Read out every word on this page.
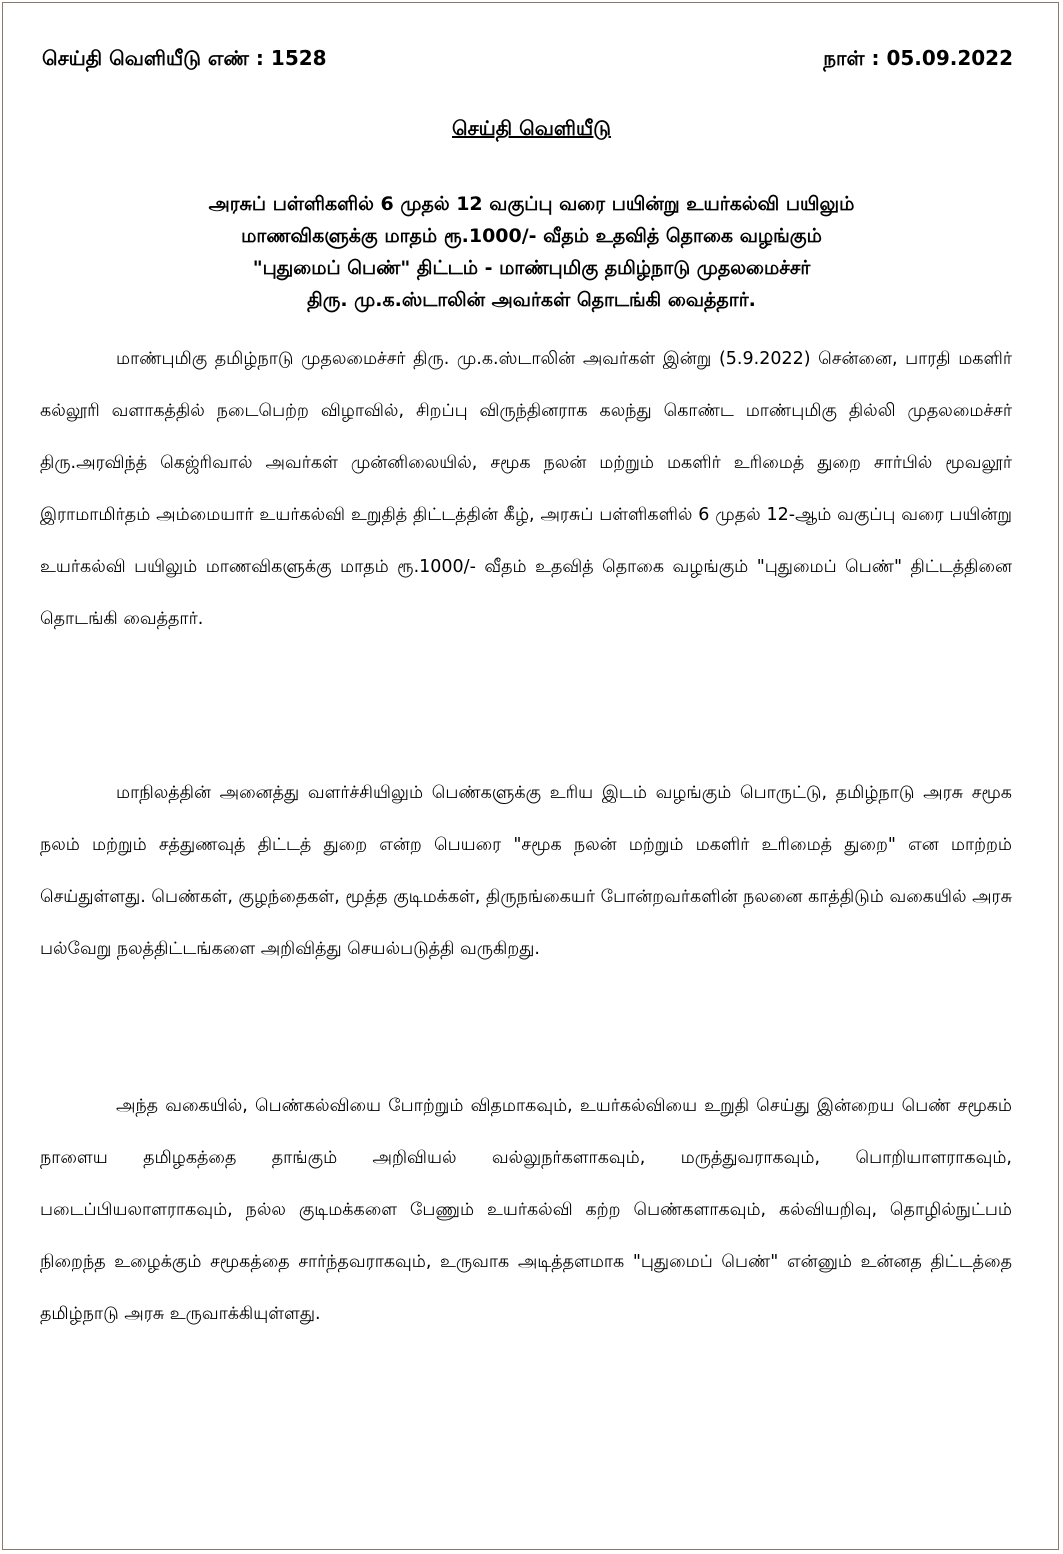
செய்தி வெளியீடு எண் : 1528	நாள் : 05.09.2022
செய்தி வெளியீடு
அரசுப் பள்ளிகளில் 6 முதல் 12 வகுப்பு வரை பயின்று உயர்கல்வி பயிலும்
மாணவிகளுக்கு மாதம் ரூ.1000/- வீதம் உதவித் தொகை வழங்கும்
"புதுமைப் பெண்" திட்டம் - மாண்புமிகு தமிழ்நாடு முதலமைச்சர்
திரு. மு.க.ஸ்டாலின் அவர்கள் தொடங்கி வைத்தார்.

மாண்புமிகு தமிழ்நாடு முதலமைச்சர் திரு. மு.க.ஸ்டாலின் அவர்கள் இன்று (5.9.2022) சென்னை, பாரதி மகளிர் கல்லூரி வளாகத்தில் நடைபெற்ற விழாவில், சிறப்பு விருந்தினராக கலந்து கொண்ட மாண்புமிகு தில்லி முதலமைச்சர் திரு.அரவிந்த் கெஜ்ரிவால் அவர்கள் முன்னிலையில், சமூக நலன் மற்றும் மகளிர் உரிமைத் துறை சார்பில் மூவலூர் இராமாமிர்தம் அம்மையார் உயர்கல்வி உறுதித் திட்டத்தின் கீழ், அரசுப் பள்ளிகளில் 6 முதல் 12-ஆம் வகுப்பு வரை பயின்று உயர்கல்வி பயிலும் மாணவிகளுக்கு மாதம் ரூ.1000/- வீதம் உதவித் தொகை வழங்கும் "புதுமைப் பெண்" திட்டத்தினை தொடங்கி வைத்தார்.

மாநிலத்தின் அனைத்து வளர்ச்சியிலும் பெண்களுக்கு உரிய இடம் வழங்கும் பொருட்டு, தமிழ்நாடு அரசு சமூக நலம் மற்றும் சத்துணவுத் திட்டத் துறை என்ற பெயரை "சமூக நலன் மற்றும் மகளிர் உரிமைத் துறை" என மாற்றம் செய்துள்ளது. பெண்கள், குழந்தைகள், மூத்த குடிமக்கள், திருநங்கையர் போன்றவர்களின் நலனை காத்திடும் வகையில் அரசு பல்வேறு நலத்திட்டங்களை அறிவித்து செயல்படுத்தி வருகிறது.

அந்த வகையில், பெண்கல்வியை போற்றும் விதமாகவும், உயர்கல்வியை உறுதி செய்து இன்றைய பெண் சமூகம் நாளைய தமிழகத்தை தாங்கும் அறிவியல் வல்லுநர்களாகவும், மருத்துவராகவும், பொறியாளராகவும், படைப்பியலாளராகவும், நல்ல குடிமக்களை பேணும் உயர்கல்வி கற்ற பெண்களாகவும், கல்வியறிவு, தொழில்நுட்பம் நிறைந்த உழைக்கும் சமூகத்தை சார்ந்தவராகவும், உருவாக அடித்தளமாக "புதுமைப் பெண்" என்னும் உன்னத திட்டத்தை தமிழ்நாடு அரசு உருவாக்கியுள்ளது.
